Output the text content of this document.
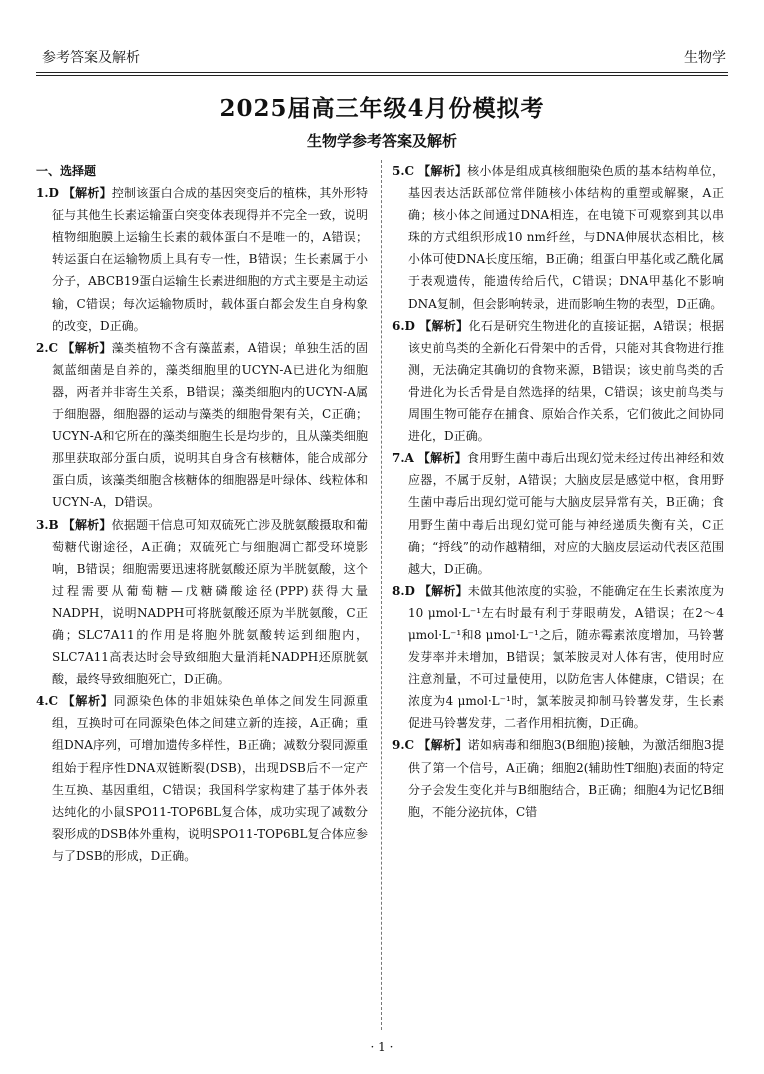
参考答案及解析	生物学
2025届高三年级4月份模拟考
生物学参考答案及解析
一、选择题
1.D 【解析】控制该蛋白合成的基因突变后的植株，其外形特征与其他生长素运输蛋白突变体表现得并不完全一致，说明植物细胞膜上运输生长素的载体蛋白不是唯一的，A错误；转运蛋白在运输物质上具有专一性，B错误；生长素属于小分子，ABCB19蛋白运输生长素进细胞的方式主要是主动运输，C错误；每次运输物质时，载体蛋白都会发生自身构象的改变，D正确。
2.C 【解析】藻类植物不含有藻蓝素，A错误；单独生活的固氮蓝细菌是自养的，藻类细胞里的UCYN-A已进化为细胞器，两者并非寄生关系，B错误；藻类细胞内的UCYN-A属于细胞器，细胞器的运动与藻类的细胞骨架有关，C正确；UCYN-A和它所在的藻类细胞生长是均步的，且从藻类细胞那里获取部分蛋白质，说明其自身含有核糖体，能合成部分蛋白质，该藻类细胞含核糖体的细胞器是叶绿体、线粒体和UCYN-A，D错误。
3.B 【解析】依据题干信息可知双硫死亡涉及胱氨酸摄取和葡萄糖代谢途径，A正确；双硫死亡与细胞凋亡都受环境影响，B错误；细胞需要迅速将胱氨酸还原为半胱氨酸，这个过程需要从葡萄糖—戊糖磷酸途径(PPP)获得大量NADPH，说明NADPH可将胱氨酸还原为半胱氨酸，C正确；SLC7A11的作用是将胞外胱氨酸转运到细胞内，SLC7A11高表达时会导致细胞大量消耗NADPH还原胱氨酸，最终导致细胞死亡，D正确。
4.C 【解析】同源染色体的非姐妹染色单体之间发生同源重组，互换时可在同源染色体之间建立新的连接，A正确；重组DNA序列，可增加遗传多样性，B正确；减数分裂同源重组始于程序性DNA双链断裂(DSB)，出现DSB后不一定产生互换、基因重组，C错误；我国科学家构建了基于体外表达纯化的小鼠SPO11-TOP6BL复合体，成功实现了减数分裂形成的DSB体外重构，说明SPO11-TOP6BL复合体应参与了DSB的形成，D正确。
5.C 【解析】核小体是组成真核细胞染色质的基本结构单位，基因表达活跃部位常伴随核小体结构的重塑或解聚，A正确；核小体之间通过DNA相连，在电镜下可观察到其以串珠的方式组织形成10 nm纤丝，与DNA伸展状态相比，核小体可使DNA长度压缩，B正确；组蛋白甲基化或乙酰化属于表观遗传，能遗传给后代，C错误；DNA甲基化不影响DNA复制，但会影响转录，进而影响生物的表型，D正确。
6.D 【解析】化石是研究生物进化的直接证据，A错误；根据该史前鸟类的全新化石骨架中的舌骨，只能对其食物进行推测，无法确定其确切的食物来源，B错误；该史前鸟类的舌骨进化为长舌骨是自然选择的结果，C错误；该史前鸟类与周围生物可能存在捕食、原始合作关系，它们彼此之间协同进化，D正确。
7.A 【解析】食用野生菌中毒后出现幻觉未经过传出神经和效应器，不属于反射，A错误；大脑皮层是感觉中枢，食用野生菌中毒后出现幻觉可能与大脑皮层异常有关，B正确；食用野生菌中毒后出现幻觉可能与神经递质失衡有关，C正确；“捋线”的动作越精细，对应的大脑皮层运动代表区范围越大，D正确。
8.D 【解析】未做其他浓度的实验，不能确定在生长素浓度为10 μmol·L⁻¹左右时最有利于芽眼萌发，A错误；在2～4 μmol·L⁻¹和8 μmol·L⁻¹之后，随赤霉素浓度增加，马铃薯发芽率并未增加，B错误；氯苯胺灵对人体有害，使用时应注意剂量，不可过量使用，以防危害人体健康，C错误；在浓度为4 μmol·L⁻¹时，氯苯胺灵抑制马铃薯发芽，生长素促进马铃薯发芽，二者作用相抗衡，D正确。
9.C 【解析】诺如病毒和细胞3(B细胞)接触，为激活细胞3提供了第一个信号，A正确；细胞2(辅助性T细胞)表面的特定分子会发生变化并与B细胞结合，B正确；细胞4为记忆B细胞，不能分泌抗体，C错
· 1 ·
